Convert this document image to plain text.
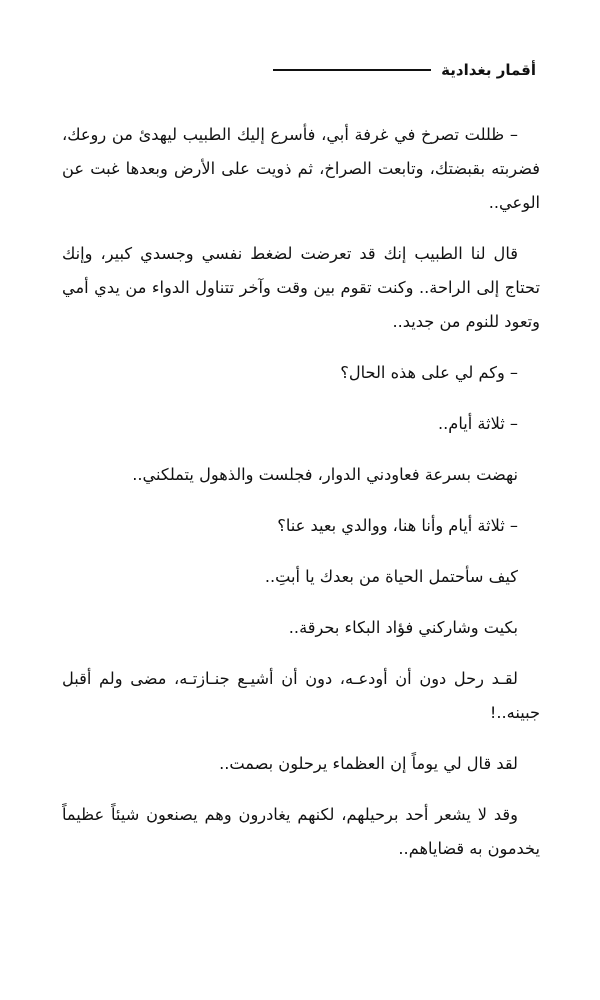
أقمار بغدادية

– ظللت تصرخ في غرفة أبي، فأسرع إليك الطبيب ليهدئ من روعك، فضربته بقبضتك، وتابعت الصراخ، ثم ذويت على الأرض وبعدها غبت عن الوعي..

قال لنا الطبيب إنك قد تعرضت لضغط نفسي وجسدي كبير، وإنك تحتاج إلى الراحة.. وكنت تقوم بين وقت وآخر تتناول الدواء من يدي أمي وتعود للنوم من جديد..

– وكم لي على هذه الحال؟

– ثلاثة أيام..

نهضت بسرعة فعاودني الدوار، فجلست والذهول يتملكني..

– ثلاثة أيام وأنا هنا، ووالدي بعيد عنا؟

كيف سأحتمل الحياة من بعدك يا أبتِ..

بكيت وشاركني فؤاد البكاء بحرقة..

لقـد رحل دون أن أودعـه، دون أن أشيـع جنـازتـه، مضى ولم أقبل جبينه..!

لقد قال لي يوماً إن العظماء يرحلون بصمت..

وقد لا يشعر أحد برحيلهم، لكنهم يغادرون وهم يصنعون شيئاً عظيماً يخدمون به قضاياهم..
